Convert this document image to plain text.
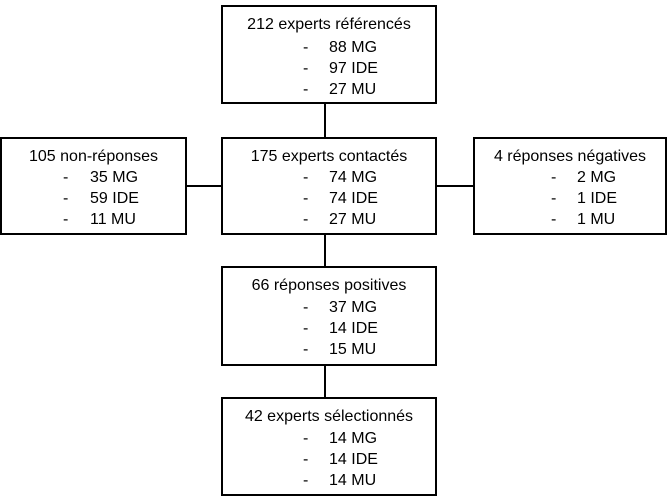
212 experts référencés
- 88 MG
- 97 IDE
- 27 MU
175 experts contactés
- 74 MG
- 74 IDE
- 27 MU
105 non-réponses
- 35 MG
- 59 IDE
- 11 MU
4 réponses négatives
- 2 MG
- 1 IDE
- 1 MU
66 réponses positives
- 37 MG
- 14 IDE
- 15 MU
42 experts sélectionnés
- 14 MG
- 14 IDE
- 14 MU
